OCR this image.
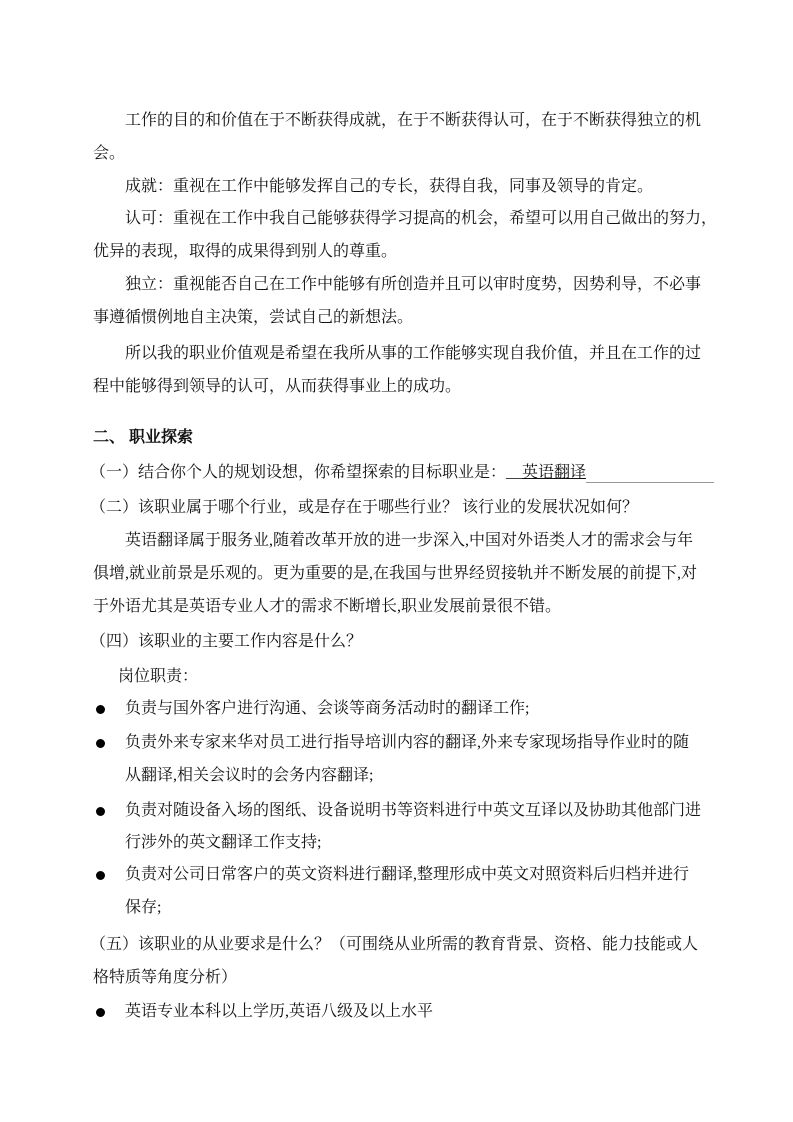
工作的目的和价值在于不断获得成就，在于不断获得认可，在于不断获得独立的机
会。
成就：重视在工作中能够发挥自己的专长，获得自我，同事及领导的肯定。
认可：重视在工作中我自己能够获得学习提高的机会，希望可以用自己做出的努力，
优异的表现，取得的成果得到别人的尊重。
独立：重视能否自己在工作中能够有所创造并且可以审时度势，因势利导，不必事
事遵循惯例地自主决策，尝试自己的新想法。
所以我的职业价值观是希望在我所从事的工作能够实现自我价值，并且在工作的过
程中能够得到领导的认可，从而获得事业上的成功。
二、 职业探索
（一）结合你个人的规划设想，你希望探索的目标职业是：__英语翻译
（二）该职业属于哪个行业，或是存在于哪些行业？ 该行业的发展状况如何？
英语翻译属于服务业,随着改革开放的进一步深入,中国对外语类人才的需求会与年
俱增,就业前景是乐观的。更为重要的是,在我国与世界经贸接轨并不断发展的前提下,对
于外语尤其是英语专业人才的需求不断增长,职业发展前景很不错。
（四）该职业的主要工作内容是什么？
岗位职责：
负责与国外客户进行沟通、会谈等商务活动时的翻译工作;
负责外来专家来华对员工进行指导培训内容的翻译,外来专家现场指导作业时的随
从翻译,相关会议时的会务内容翻译;
负责对随设备入场的图纸、设备说明书等资料进行中英文互译以及协助其他部门进
行涉外的英文翻译工作支持;
负责对公司日常客户的英文资料进行翻译,整理形成中英文对照资料后归档并进行
保存;
（五）该职业的从业要求是什么？（可围绕从业所需的教育背景、资格、能力技能或人
格特质等角度分析）
英语专业本科以上学历,英语八级及以上水平
